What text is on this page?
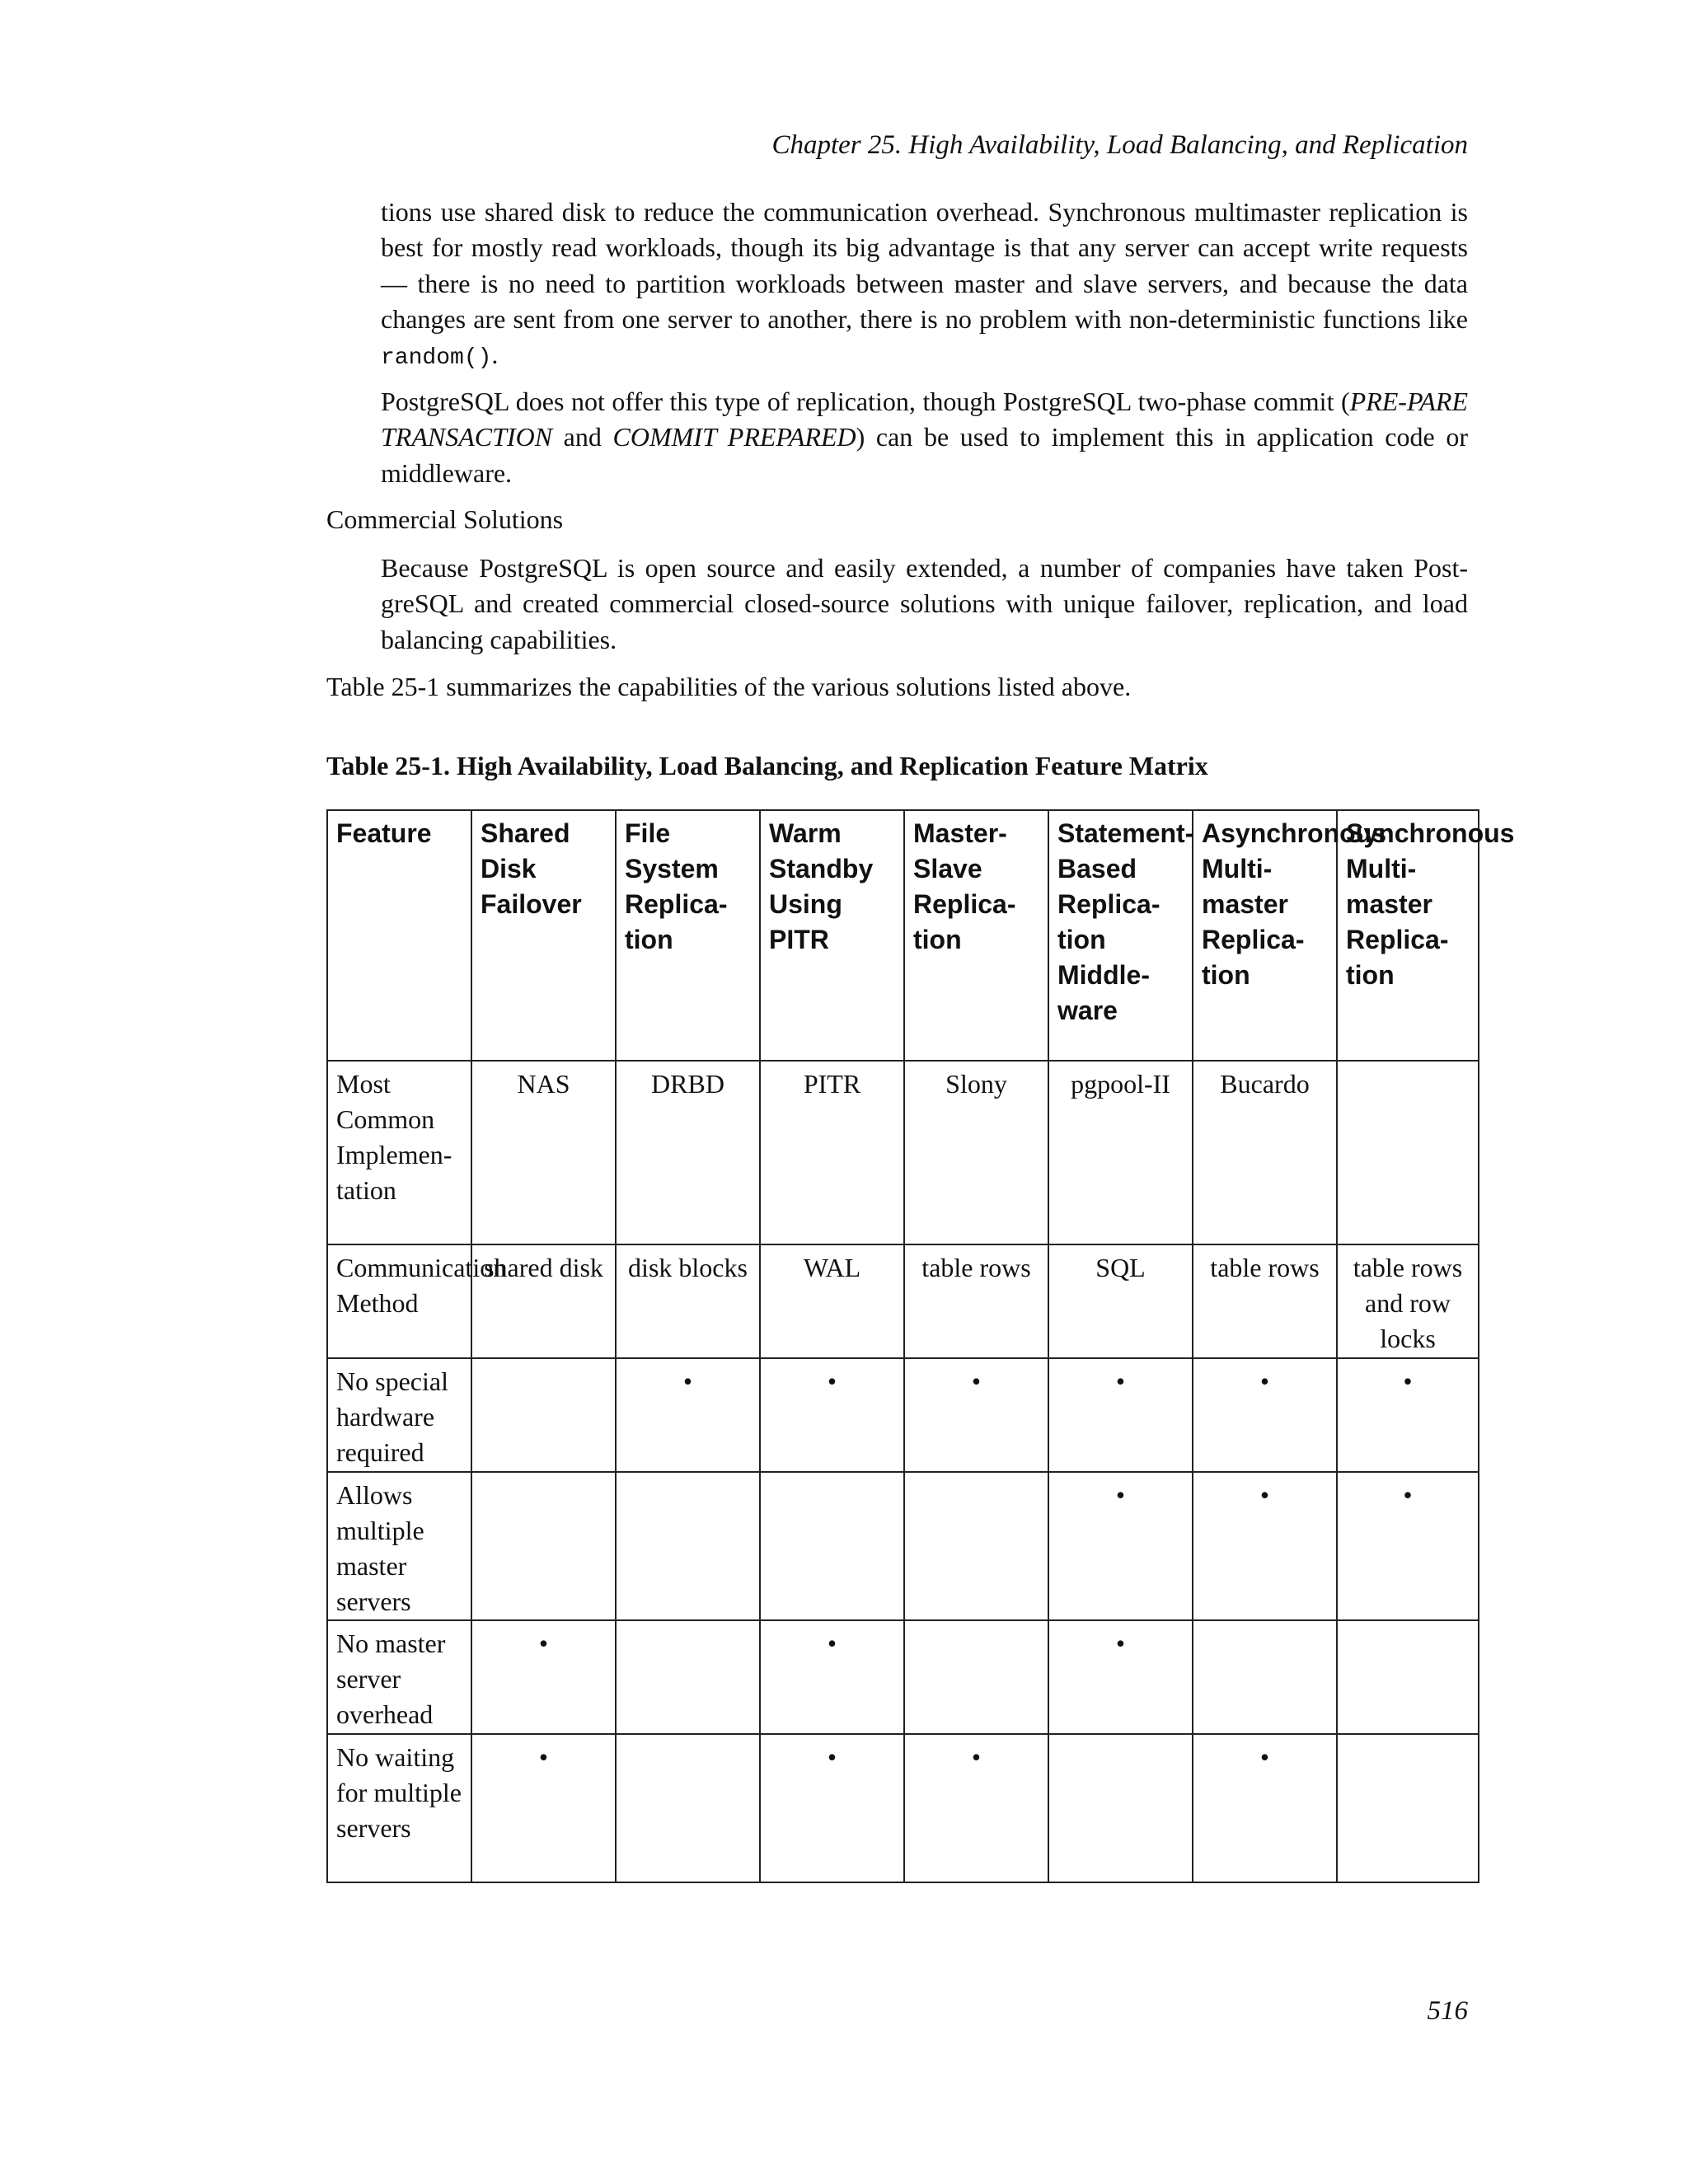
Chapter 25. High Availability, Load Balancing, and Replication

tions use shared disk to reduce the communication overhead. Synchronous multimaster replication is best for mostly read workloads, though its big advantage is that any server can accept write requests — there is no need to partition workloads between master and slave servers, and because the data changes are sent from one server to another, there is no problem with non-deterministic functions like random().

PostgreSQL does not offer this type of replication, though PostgreSQL two-phase commit (PRE-PARE TRANSACTION and COMMIT PREPARED) can be used to implement this in application code or middleware.

Commercial Solutions

Because PostgreSQL is open source and easily extended, a number of companies have taken Post-greSQL and created commercial closed-source solutions with unique failover, replication, and load balancing capabilities.

Table 25-1 summarizes the capabilities of the various solutions listed above.

Table 25-1. High Availability, Load Balancing, and Replication Feature Matrix

Feature	Shared Disk Failover	File System Replica-tion	Warm Standby Using PITR	Master-Slave Replica-tion	Statement-Based Replica-tion Middle-ware	Asynchronous Multi-master Replica-tion	Synchronous Multi-master Replica-tion

Most Common Implemen-tation	NAS	DRBD	PITR	Slony	pgpool-II	Bucardo	
Communication Method	shared disk	disk blocks	WAL	table rows	SQL	table rows	table rows and row locks
No special hardware required		•	•	•	•	•	•
Allows multiple master servers					•	•	•
No master server overhead	•		•		•		
No waiting for multiple servers	•		•	•		•	

516
